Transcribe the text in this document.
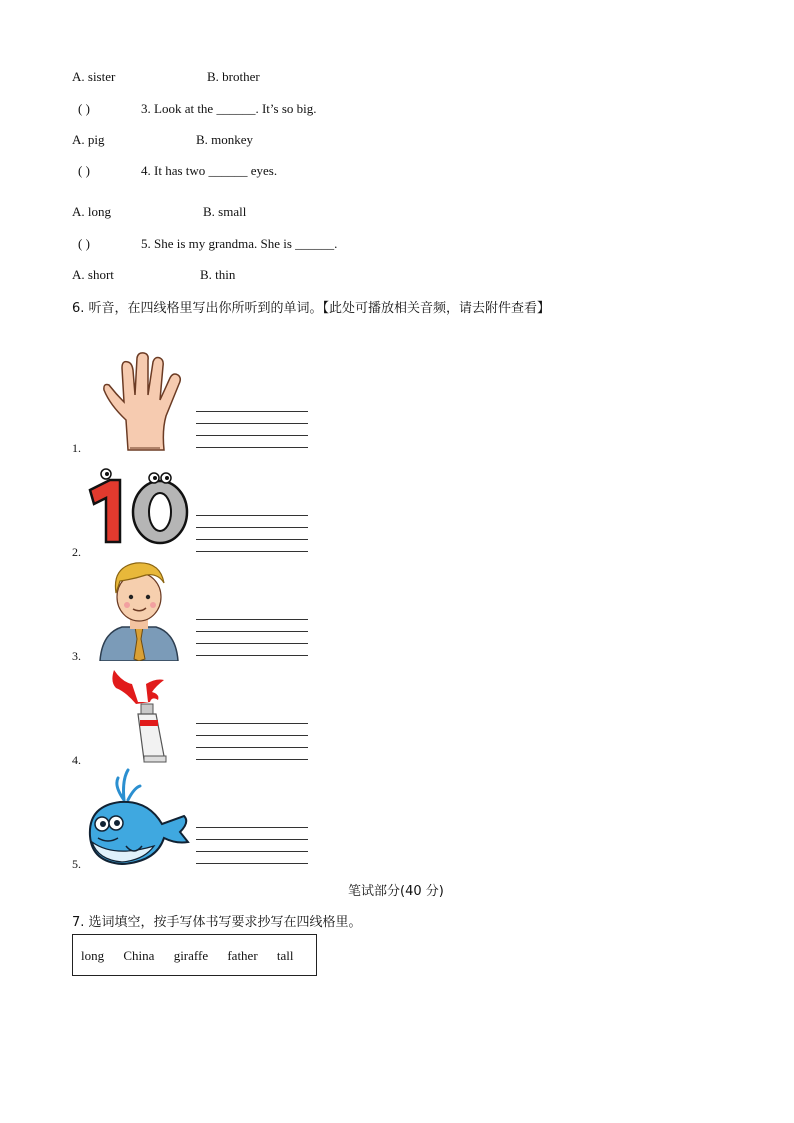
A. sister	B. brother
( )	3. Look at the ______. It’s so big.
A. pig	B. monkey
( )	4. It has two ______ eyes.
A. long	B. small
( )	5. She is my grandma. She is ______.
A. short	B. thin
6. 听音，在四线格里写出你所听到的单词。【此处可播放相关音频，请去附件查看】
1.
2.
3.
4.
5.
笔试部分(40 分)
7. 选词填空，按手写体书写要求抄写在四线格里。
long China giraffe father tall
